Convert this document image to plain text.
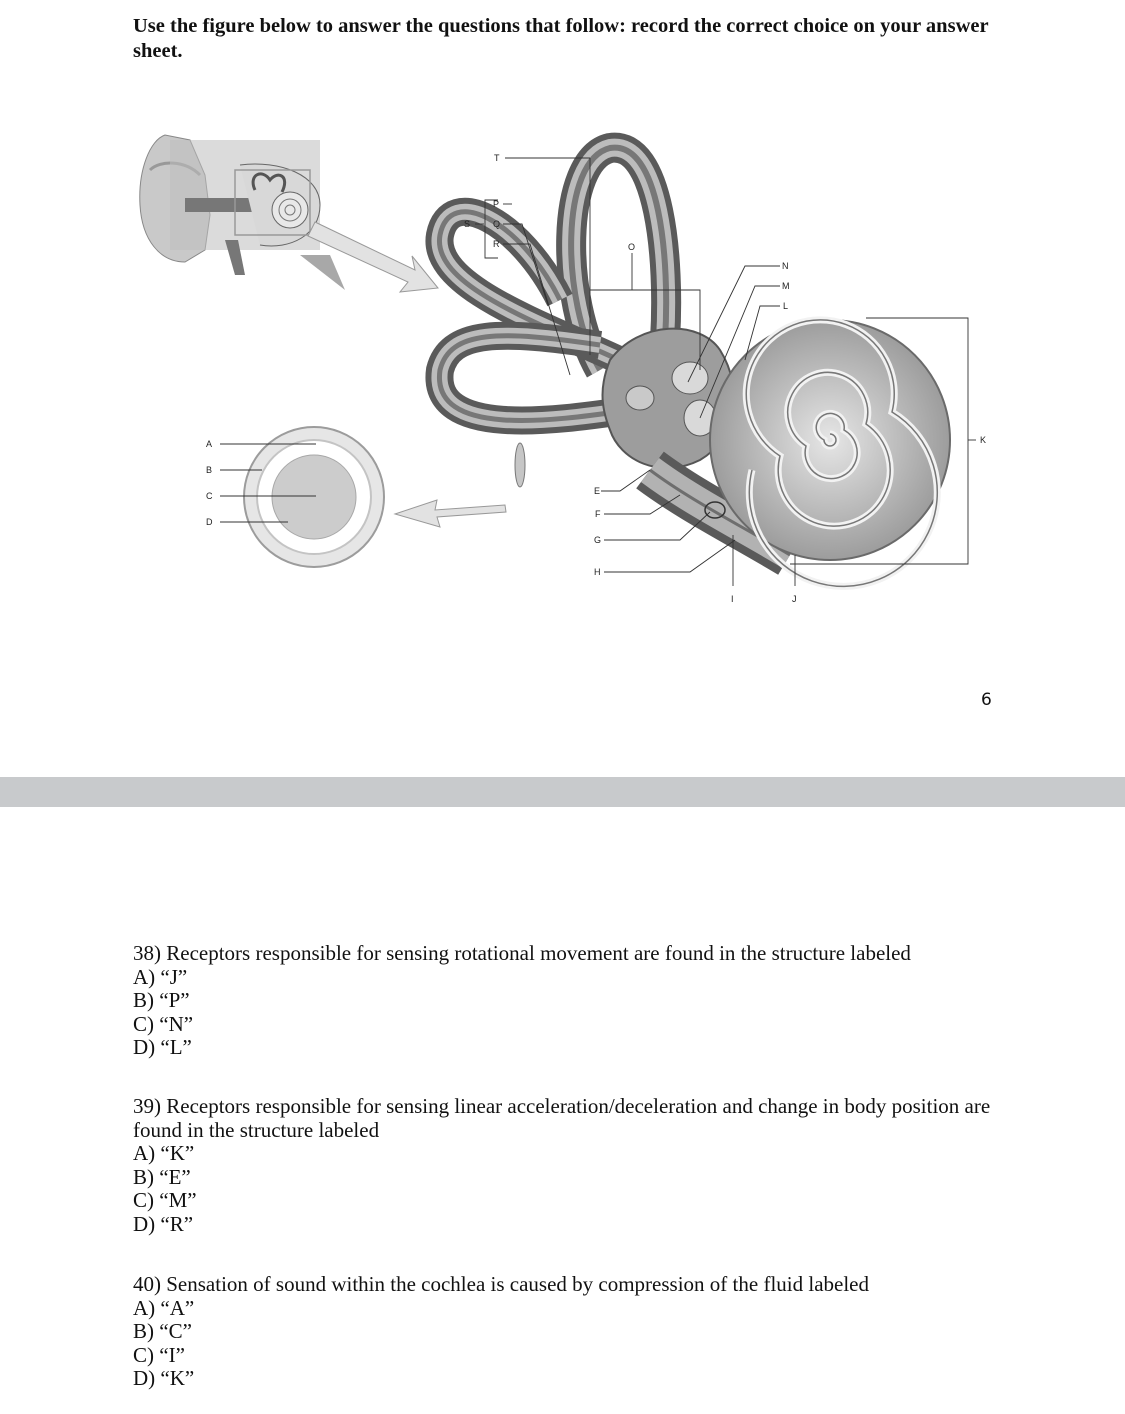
Use the figure below to answer the questions that follow: record the correct choice on your answer sheet.

A
B
C
D
E
F
G
H
I	J
K
L
M
N
O
P
Q
R
S
T
6

38) Receptors responsible for sensing rotational movement are found in the structure labeled

A) “J”
B) “P”
C) “N”
D) “L”

39) Receptors responsible for sensing linear acceleration/deceleration and change in body position are found in the structure labeled

A) “K”
B) “E”
C) “M”
D) “R”

40) Sensation of sound within the cochlea is caused by compression of the fluid labeled

A) “A”
B) “C”
C) “I”
D) “K”
